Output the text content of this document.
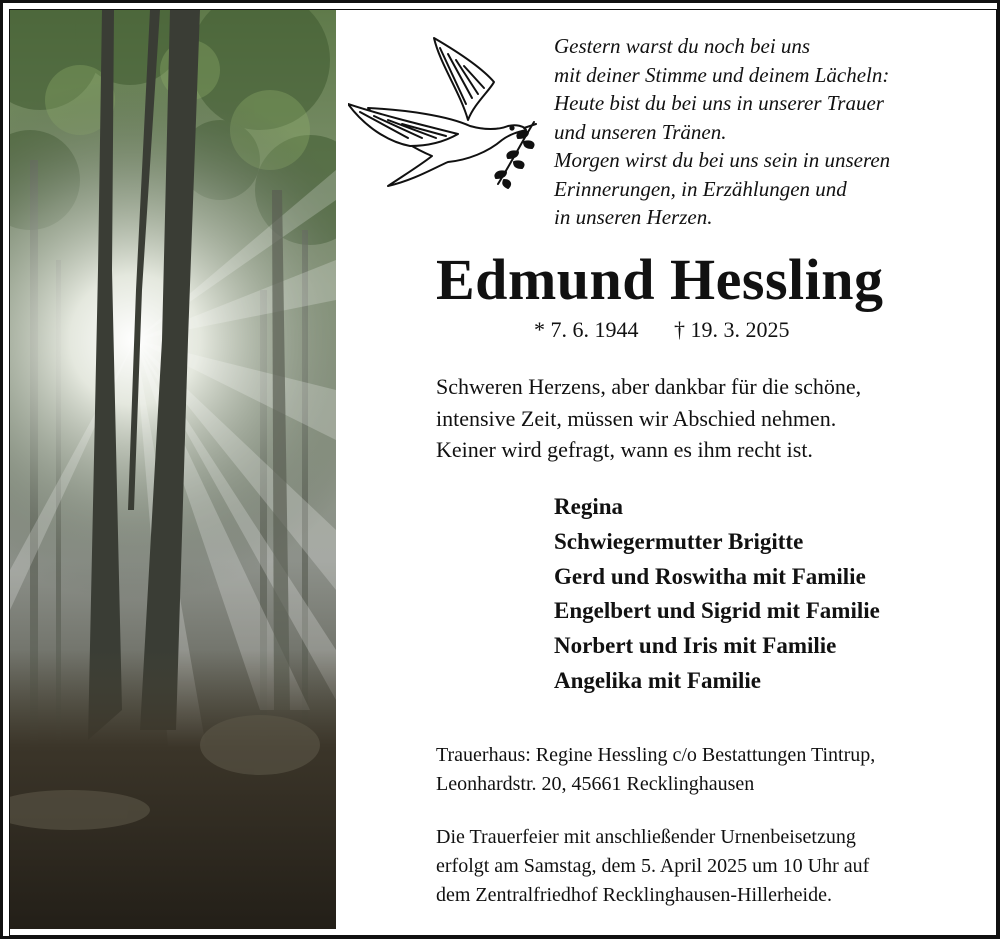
Gestern warst du noch bei uns
mit deiner Stimme und deinem Lächeln:
Heute bist du bei uns in unserer Trauer
und unseren Tränen.
Morgen wirst du bei uns sein in unseren
Erinnerungen, in Erzählungen und
in unseren Herzen.
Edmund Hessling
* 7. 6. 1944 † 19. 3. 2025
Schweren Herzens, aber dankbar für die schöne,
intensive Zeit, müssen wir Abschied nehmen.
Keiner wird gefragt, wann es ihm recht ist.
Regina
Schwiegermutter Brigitte
Gerd und Roswitha mit Familie
Engelbert und Sigrid mit Familie
Norbert und Iris mit Familie
Angelika mit Familie
Trauerhaus: Regine Hessling c/o Bestattungen Tintrup,
Leonhardstr. 20, 45661 Recklinghausen
Die Trauerfeier mit anschließender Urnenbeisetzung
erfolgt am Samstag, dem 5. April 2025 um 10 Uhr auf
dem Zentralfriedhof Recklinghausen-Hillerheide.
